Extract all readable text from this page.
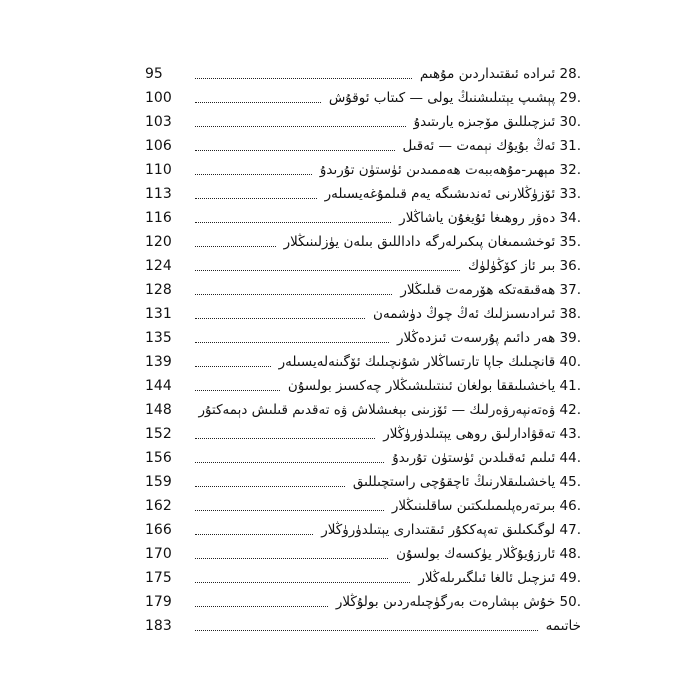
95	28. ئىرادە ئىقتىداردىن مۇھىم
100	29. پېشىپ يېتىلىشنىڭ يولى — كىتاب ئوقۇش
103	30. ئىزچىللىق مۆجىزە يارىتىدۇ
106	31. ئەڭ بۇيۇك نېمەت — ئەقىل
110	32. مېھىر-مۇھەببەت ھەممىدىن ئۈستۈن تۇرىدۇ
113	33. ئۆزۈڭلارنى ئەندىشىگە يەم قىلمۇغەيسىلەر
116	34. دەۋر روھىغا ئۇيغۇن ياشاڭلار
120	35. ئوخشىمىغان پىكىرلەرگە داداللىق بىلەن يۈزلىنىڭلار
124	36. بىر ئاز كۆڭۈلۈك
128	37. ھەقىقەتكە ھۆرمەت قىلىڭلار
131	38. ئىرادىسىزلىك ئەڭ چوڭ دۈشمەن
135	39. ھەر دائىم پۇرسەت ئىزدەڭلار
139	40. قانچىلىك جاپا تارتساڭلار شۇنچىلىك ئۆگىنەلەيسىلەر
144	41. ياخشىلىققا بولغان ئىنتىلىشىڭلار چەكسىز بولسۇن
148	42. ۋەتەنپەرۋەرلىك — ئۆزىنى بېغىشلاش ۋە تەقدىم قىلىش دېمەكتۇر
152	43. تەقۋادارلىق روھى يېتىلدۈرۈڭلار
156	44. ئىلىم ئەقىلدىن ئۈستۈن تۇرىدۇ
159	45. ياخشىلىقلارنىڭ ئاچقۇچى راستچىللىق
162	46. بىرتەرەپلىمىلىكتىن ساقلىنىڭلار
166	47. لوگىكىلىق تەپەككۇر ئىقتىدارى يېتىلدۈرۈڭلار
170	48. ئارزۇيۇڭلار يۈكسەك بولسۇن
175	49. ئىزچىل ئالغا ئىلگىرىلەڭلار
179	50. خۇش بېشارەت بەرگۈچىلەردىن بولۇڭلار
183	خاتىمە
